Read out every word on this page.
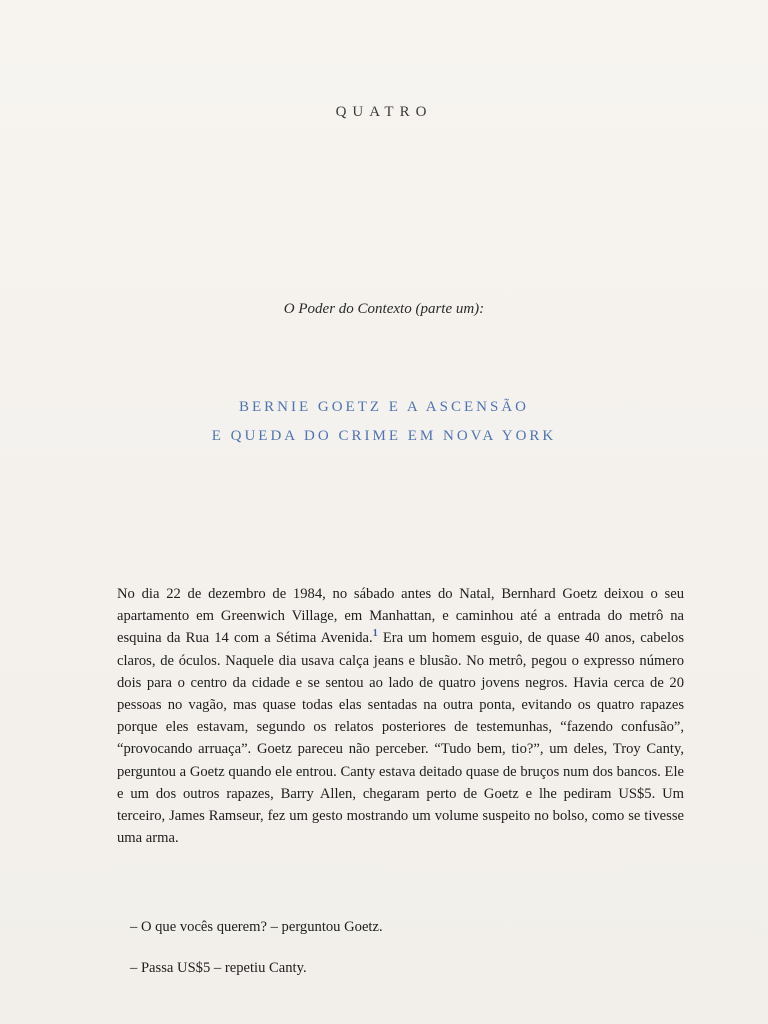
QUATRO
O Poder do Contexto (parte um):
BERNIE GOETZ E A ASCENSÃO
E QUEDA DO CRIME EM NOVA YORK

No dia 22 de dezembro de 1984, no sábado antes do Natal, Bernhard Goetz deixou o seu apartamento em Greenwich Village, em Manhattan, e caminhou até a entrada do metrô na esquina da Rua 14 com a Sétima Avenida.$^1$ Era um homem esguio, de quase 40 anos, cabelos claros, de óculos. Naquele dia usava calça jeans e blusão. No metrô, pegou o expresso número dois para o centro da cidade e se sentou ao lado de quatro jovens negros. Havia cerca de 20 pessoas no vagão, mas quase todas elas sentadas na outra ponta, evitando os quatro rapazes porque eles estavam, segundo os relatos posteriores de testemunhas, “fazendo confusão”, “provocando arruaça”. Goetz pareceu não perceber. “Tudo bem, tio?”, um deles, Troy Canty, perguntou a Goetz quando ele entrou. Canty estava deitado quase de bruços num dos bancos. Ele e um dos outros rapazes, Barry Allen, chegaram perto de Goetz e lhe pediram US$5. Um terceiro, James Ramseur, fez um gesto mostrando um volume suspeito no bolso, como se tivesse uma arma.

– O que vocês querem? – perguntou Goetz.
– Passa US$5 – repetiu Canty.
